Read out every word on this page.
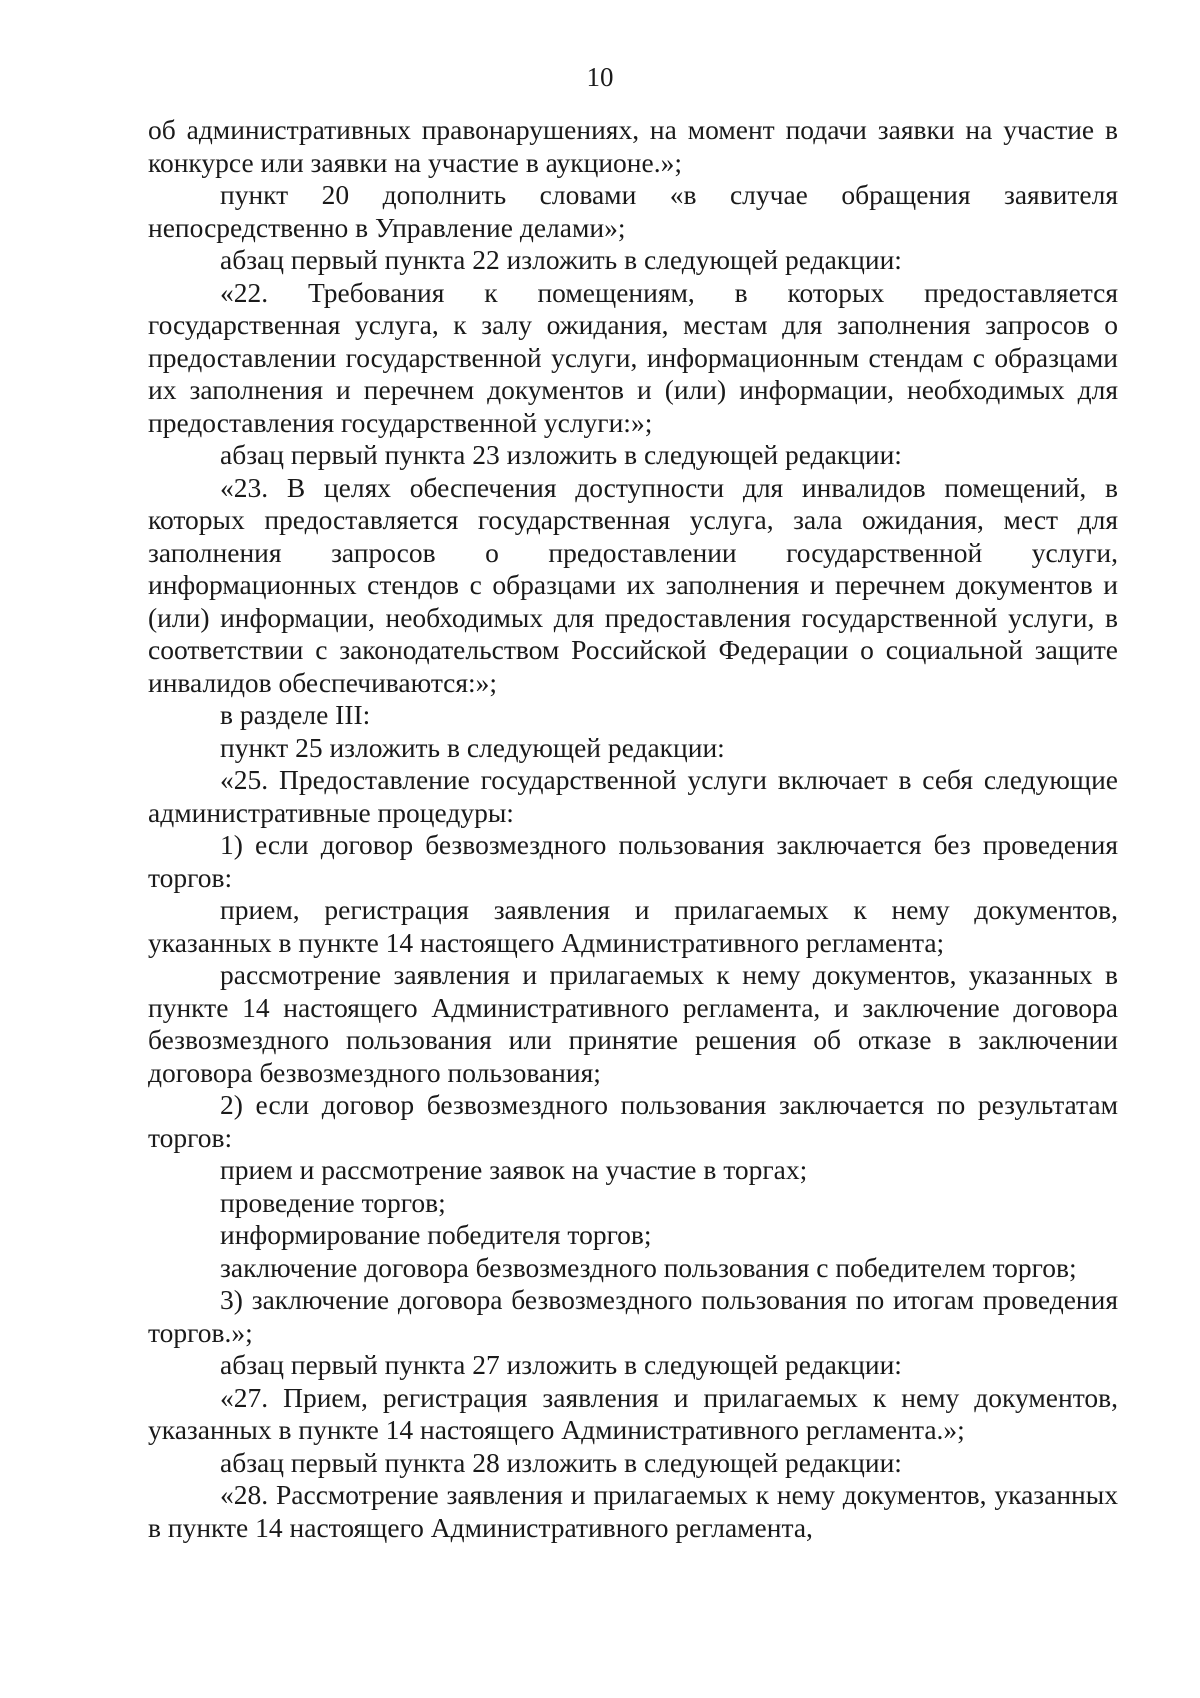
10

об административных правонарушениях, на момент подачи заявки на участие в конкурсе или заявки на участие в аукционе.»;

пункт 20 дополнить словами «в случае обращения заявителя непосредственно в Управление делами»;

абзац первый пункта 22 изложить в следующей редакции:

«22. Требования к помещениям, в которых предоставляется государственная услуга, к залу ожидания, местам для заполнения запросов о предоставлении государственной услуги, информационным стендам с образцами их заполнения и перечнем документов и (или) информации, необходимых для предоставления государственной услуги:»;

абзац первый пункта 23 изложить в следующей редакции:

«23. В целях обеспечения доступности для инвалидов помещений, в которых предоставляется государственная услуга, зала ожидания, мест для заполнения запросов о предоставлении государственной услуги, информационных стендов с образцами их заполнения и перечнем документов и (или) информации, необходимых для предоставления государственной услуги, в соответствии с законодательством Российской Федерации о социальной защите инвалидов обеспечиваются:»;

в разделе III:

пункт 25 изложить в следующей редакции:

«25. Предоставление государственной услуги включает в себя следующие административные процедуры:

1) если договор безвозмездного пользования заключается без проведения торгов:

прием, регистрация заявления и прилагаемых к нему документов, указанных в пункте 14 настоящего Административного регламента;

рассмотрение заявления и прилагаемых к нему документов, указанных в пункте 14 настоящего Административного регламента, и заключение договора безвозмездного пользования или принятие решения об отказе в заключении договора безвозмездного пользования;

2) если договор безвозмездного пользования заключается по результатам торгов:

прием и рассмотрение заявок на участие в торгах;

проведение торгов;

информирование победителя торгов;

заключение договора безвозмездного пользования с победителем торгов;

3) заключение договора безвозмездного пользования по итогам проведения торгов.»;

абзац первый пункта 27 изложить в следующей редакции:

«27. Прием, регистрация заявления и прилагаемых к нему документов, указанных в пункте 14 настоящего Административного регламента.»;

абзац первый пункта 28 изложить в следующей редакции:

«28. Рассмотрение заявления и прилагаемых к нему документов, указанных в пункте 14 настоящего Административного регламента,
